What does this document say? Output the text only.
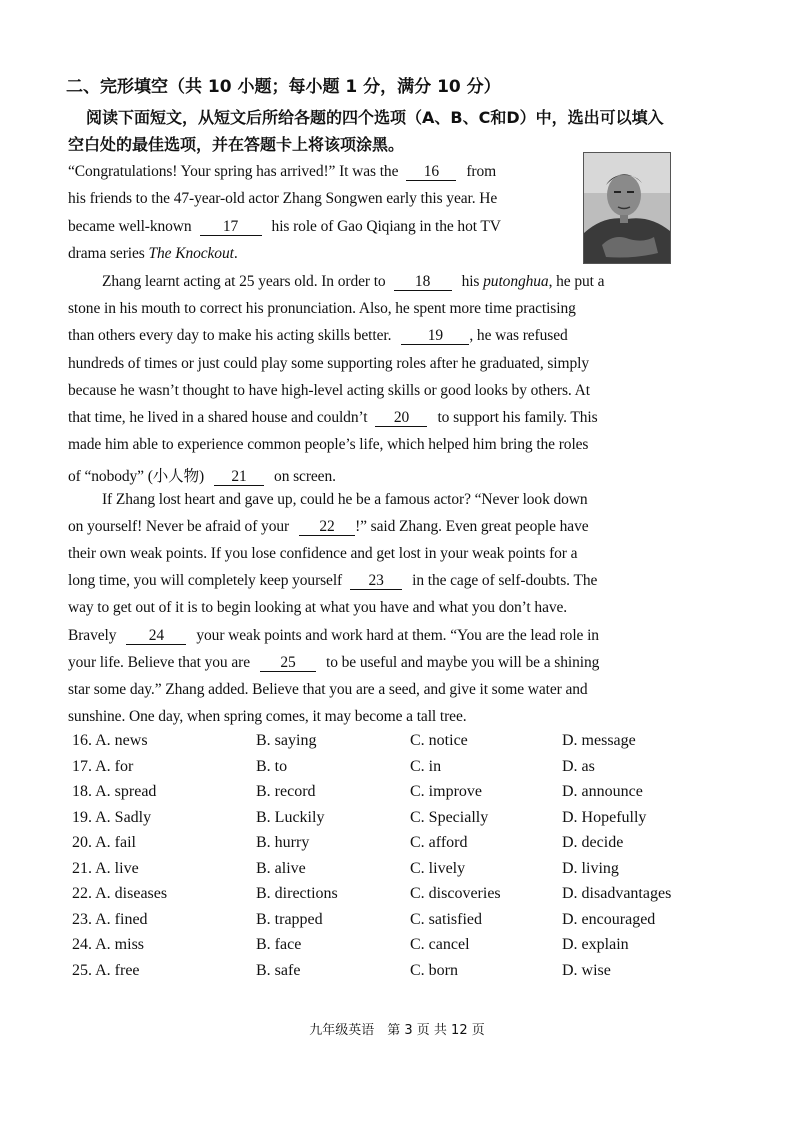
二、完形填空（共 10 小题；每小题 1 分，满分 10 分）
阅读下面短文，从短文后所给各题的四个选项（A、B、C和D）中，选出可以填入空白处的最佳选项，并在答题卡上将该项涂黑。
“Congratulations! Your spring has arrived!” It was the 16 from
his friends to the 47-year-old actor Zhang Songwen early this year. He
became well-known 17 his role of Gao Qiqiang in the hot TV
drama series The Knockout.
Zhang learnt acting at 25 years old. In order to 18 his putonghua, he put a
stone in his mouth to correct his pronunciation. Also, he spent more time practising
than others every day to make his acting skills better. 19 , he was refused
hundreds of times or just could play some supporting roles after he graduated, simply
because he wasn’t thought to have high-level acting skills or good looks by others. At
that time, he lived in a shared house and couldn’t 20 to support his family. This
made him able to experience common people’s life, which helped him bring the roles
of “nobody” (小人物) 21 on screen.
If Zhang lost heart and gave up, could he be a famous actor? “Never look down
on yourself! Never be afraid of your 22 !” said Zhang. Even great people have
their own weak points. If you lose confidence and get lost in your weak points for a
long time, you will completely keep yourself 23 in the cage of self-doubts. The
way to get out of it is to begin looking at what you have and what you don’t have.
Bravely 24 your weak points and work hard at them. “You are the lead role in
your life. Believe that you are 25 to be useful and maybe you will be a shining
star some day.” Zhang added. Believe that you are a seed, and give it some water and
sunshine. One day, when spring comes, it may become a tall tree.
16. A. news	B. saying	C. notice	D. message
17. A. for	B. to	C. in	D. as
18. A. spread	B. record	C. improve	D. announce
19. A. Sadly	B. Luckily	C. Specially	D. Hopefully
20. A. fail	B. hurry	C. afford	D. decide
21. A. live	B. alive	C. lively	D. living
22. A. diseases	B. directions	C. discoveries	D. disadvantages
23. A. fined	B. trapped	C. satisfied	D. encouraged
24. A. miss	B. face	C. cancel	D. explain
25. A. free	B. safe	C. born	D. wise
九年级英语　第 3 页 共 12 页
